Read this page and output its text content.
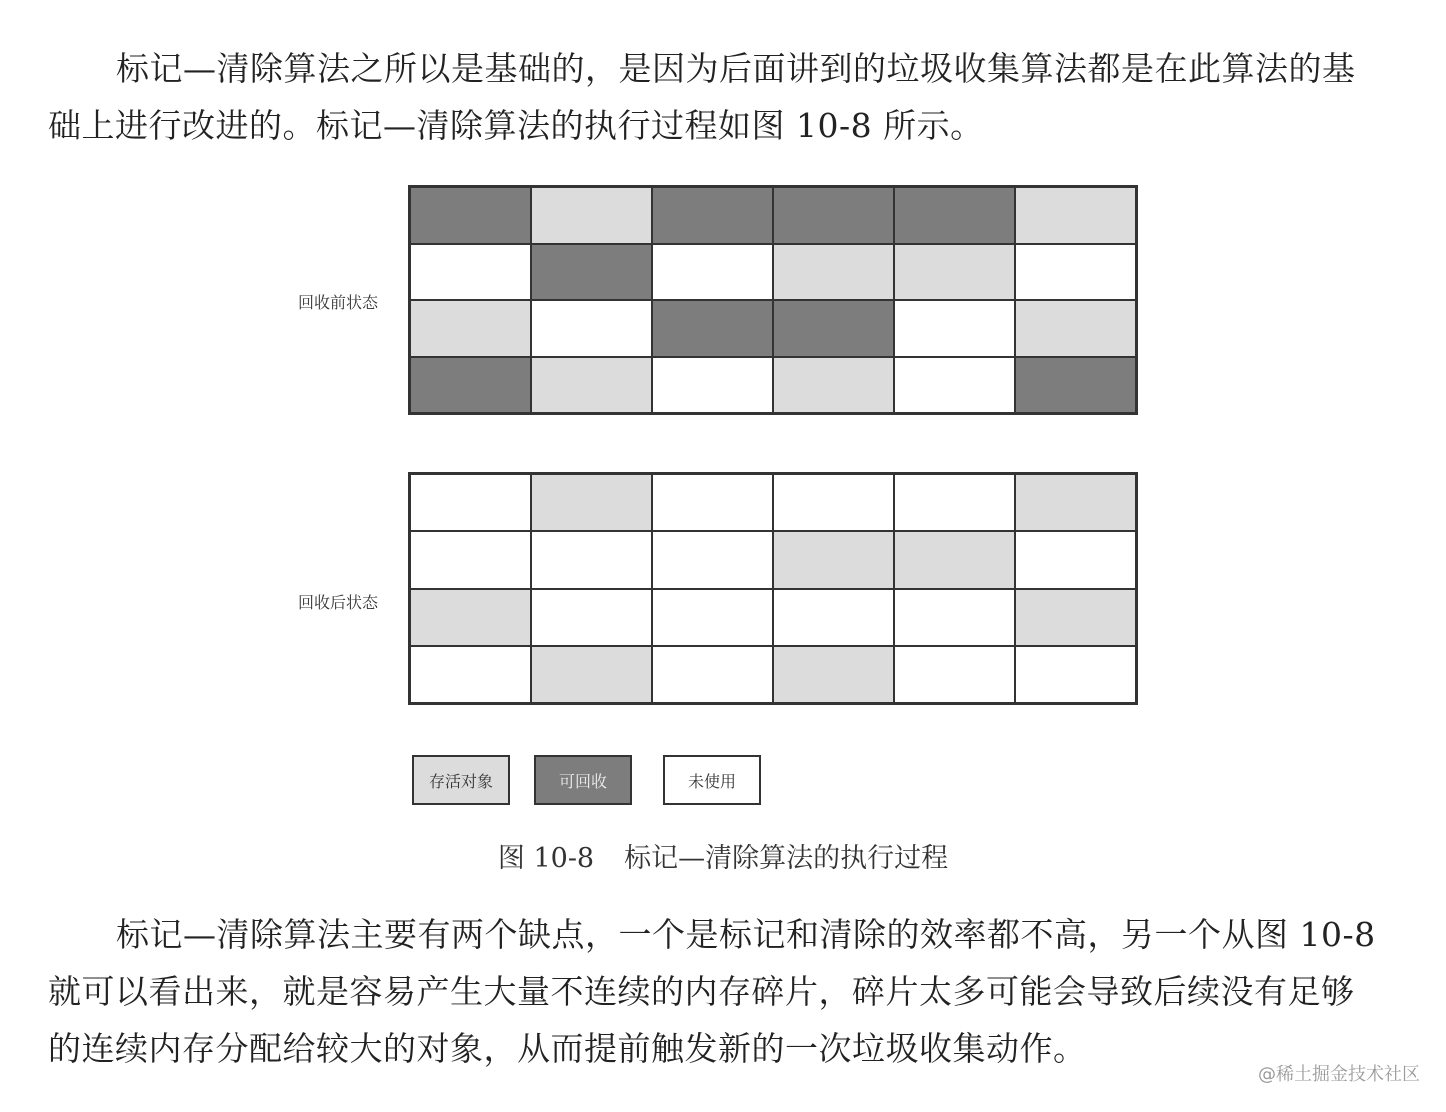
标记—清除算法之所以是基础的，是因为后面讲到的垃圾收集算法都是在此算法的基
础上进行改进的。标记—清除算法的执行过程如图 10-8 所示。

回收前状态
回收后状态
存活对象	可回收	未使用
图 10-8 标记—清除算法的执行过程

标记—清除算法主要有两个缺点，一个是标记和清除的效率都不高，另一个从图 10-8
就可以看出来，就是容易产生大量不连续的内存碎片，碎片太多可能会导致后续没有足够
的连续内存分配给较大的对象，从而提前触发新的一次垃圾收集动作。

@稀土掘金技术社区
